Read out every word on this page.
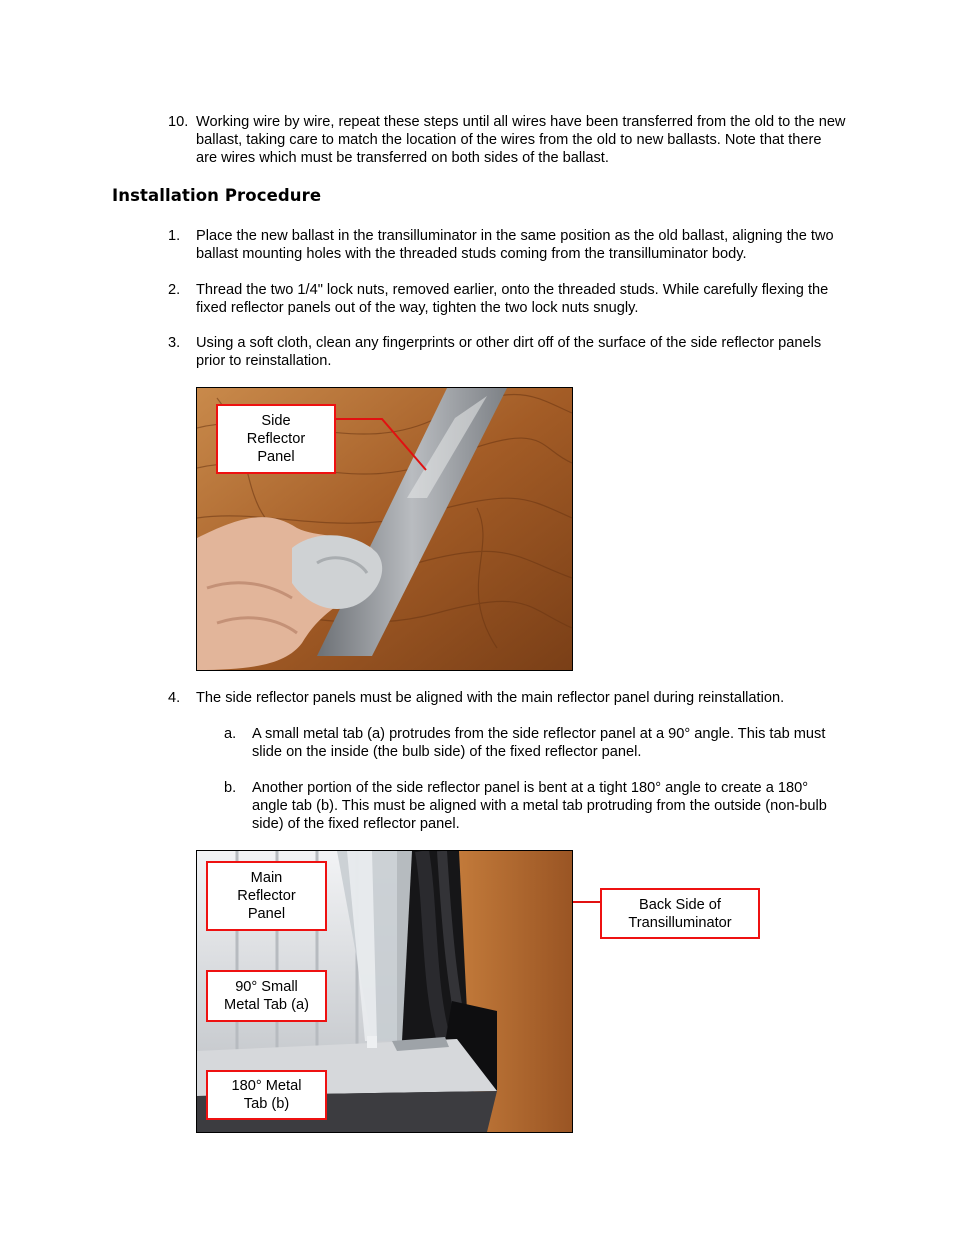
10. Working wire by wire, repeat these steps until all wires have been transferred from the old to the new ballast, taking care to match the location of the wires from the old to new ballasts. Note that there are wires which must be transferred on both sides of the ballast.
Installation Procedure
1.	Place the new ballast in the transilluminator in the same position as the old ballast, aligning the two ballast mounting holes with the threaded studs coming from the transilluminator body.
2.	Thread the two 1/4" lock nuts, removed earlier, onto the threaded studs. While carefully flexing the fixed reflector panels out of the way, tighten the two lock nuts snugly.
3.	Using a soft cloth, clean any fingerprints or other dirt off of the surface of the side reflector panels prior to reinstallation.
Side
Reflector
Panel
4.	The side reflector panels must be aligned with the main reflector panel during reinstallation.
a.	A small metal tab (a) protrudes from the side reflector panel at a 90° angle. This tab must slide on the inside (the bulb side) of the fixed reflector panel.
b.	Another portion of the side reflector panel is bent at a tight 180° angle to create a 180° angle tab (b). This must be aligned with a metal tab protruding from the outside (non-bulb side) of the fixed reflector panel.
Main
Reflector
Panel
90° Small
Metal Tab (a)
180° Metal
Tab (b)
Back Side of
Transilluminator
